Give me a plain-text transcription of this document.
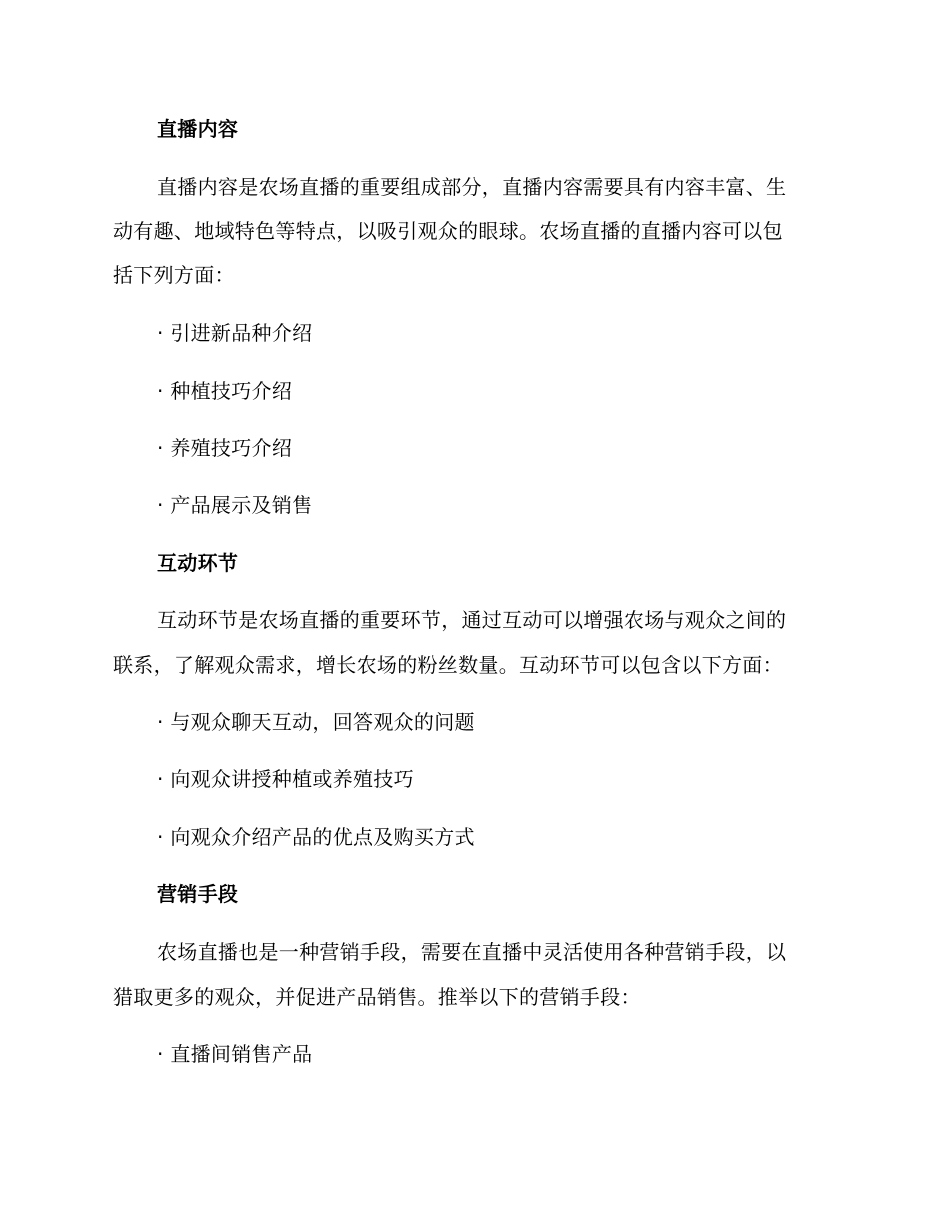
直播内容
直播内容是农场直播的重要组成部分，直播内容需要具有内容丰富、生
动有趣、地域特色等特点，以吸引观众的眼球。农场直播的直播内容可以包
括下列方面：
· 引进新品种介绍
· 种植技巧介绍
· 养殖技巧介绍
· 产品展示及销售
互动环节
互动环节是农场直播的重要环节，通过互动可以增强农场与观众之间的
联系，了解观众需求，增长农场的粉丝数量。互动环节可以包含以下方面：
· 与观众聊天互动，回答观众的问题
· 向观众讲授种植或养殖技巧
· 向观众介绍产品的优点及购买方式
营销手段
农场直播也是一种营销手段，需要在直播中灵活使用各种营销手段，以
猎取更多的观众，并促进产品销售。推举以下的营销手段：
· 直播间销售产品
